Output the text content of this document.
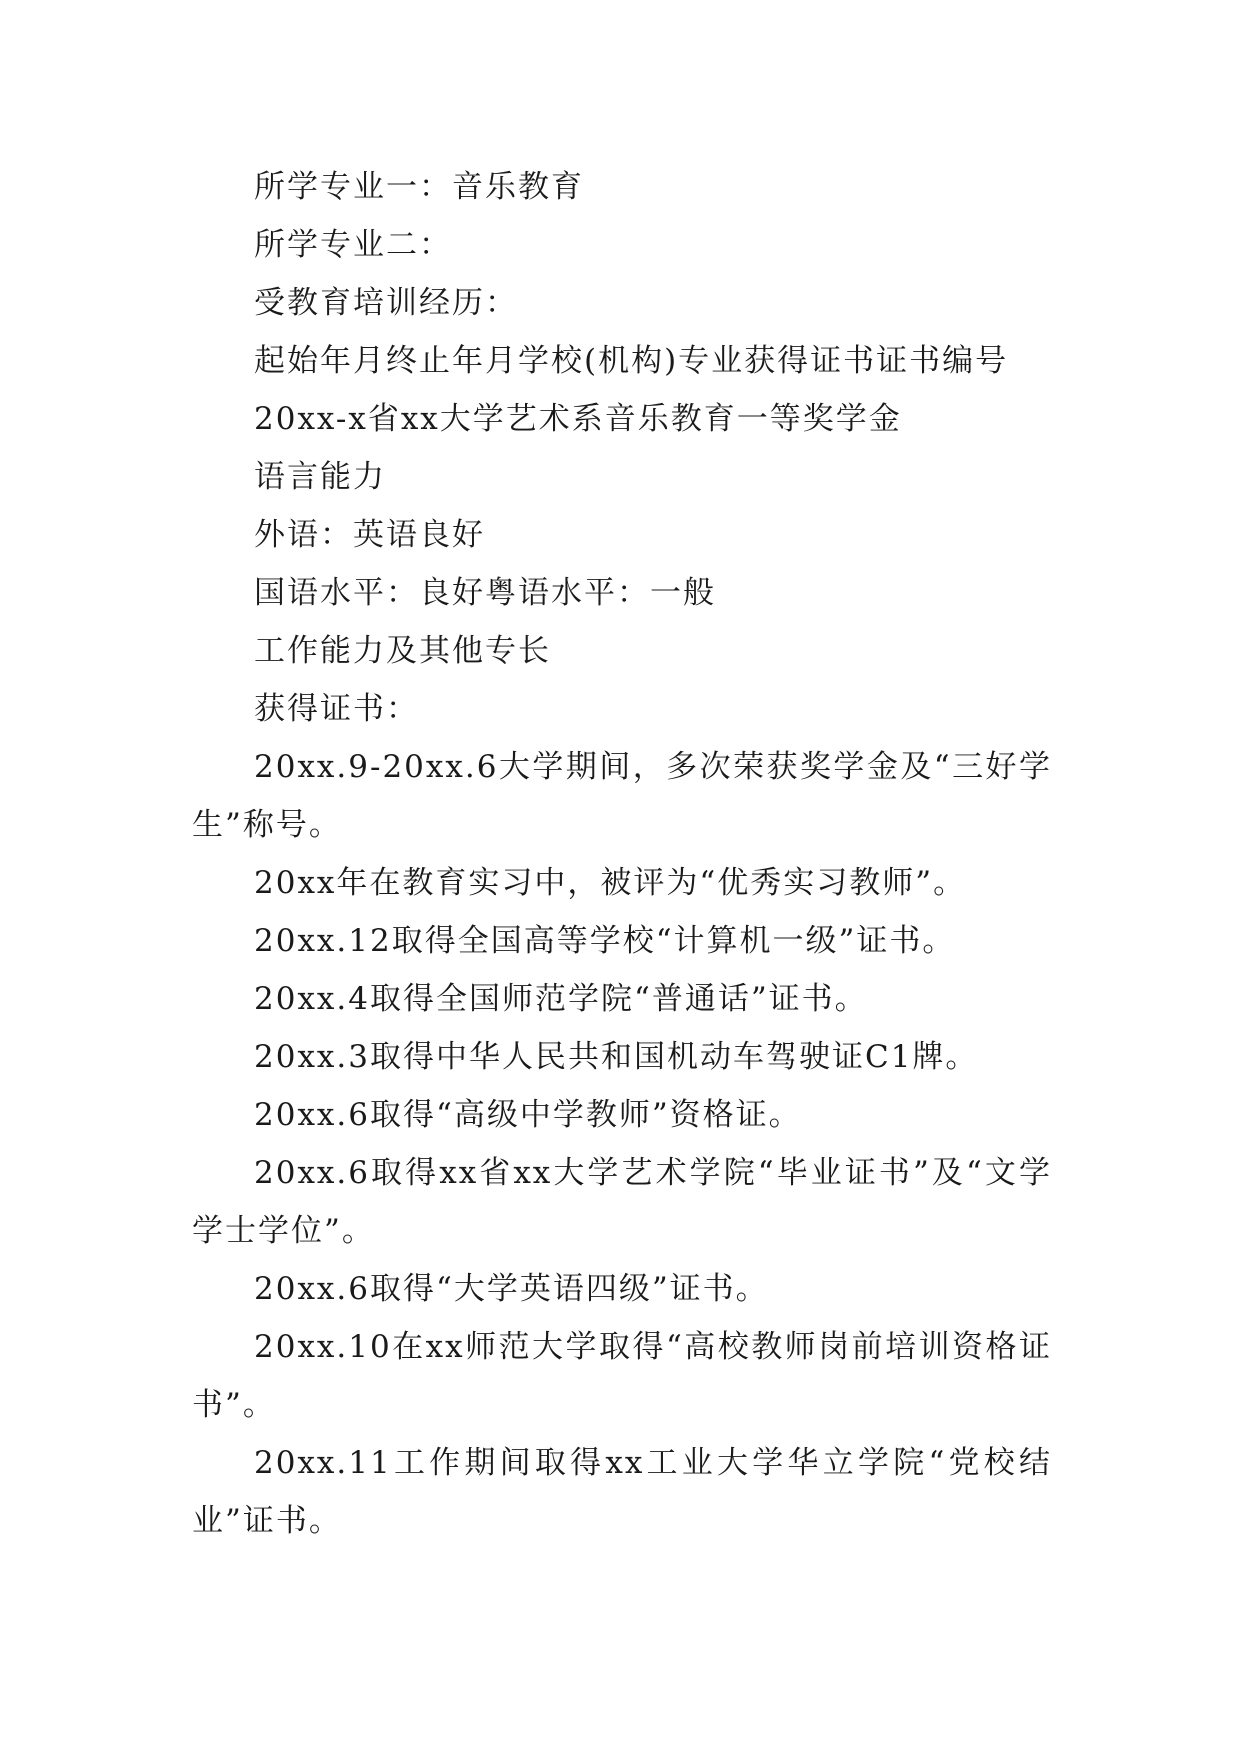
所学专业一：音乐教育

所学专业二：

受教育培训经历：

起始年月终止年月学校(机构)专业获得证书证书编号

20xx-x省xx大学艺术系音乐教育一等奖学金

语言能力

外语：英语良好

国语水平：良好粤语水平：一般

工作能力及其他专长

获得证书：

20xx.9-20xx.6大学期间，多次荣获奖学金及“三好学生”称号。

20xx年在教育实习中，被评为“优秀实习教师”。

20xx.12取得全国高等学校“计算机一级”证书。

20xx.4取得全国师范学院“普通话”证书。

20xx.3取得中华人民共和国机动车驾驶证C1牌。

20xx.6取得“高级中学教师”资格证。

20xx.6取得xx省xx大学艺术学院“毕业证书”及“文学学士学位”。

20xx.6取得“大学英语四级”证书。

20xx.10在xx师范大学取得“高校教师岗前培训资格证书”。

20xx.11工作期间取得xx工业大学华立学院“党校结业”证书。
